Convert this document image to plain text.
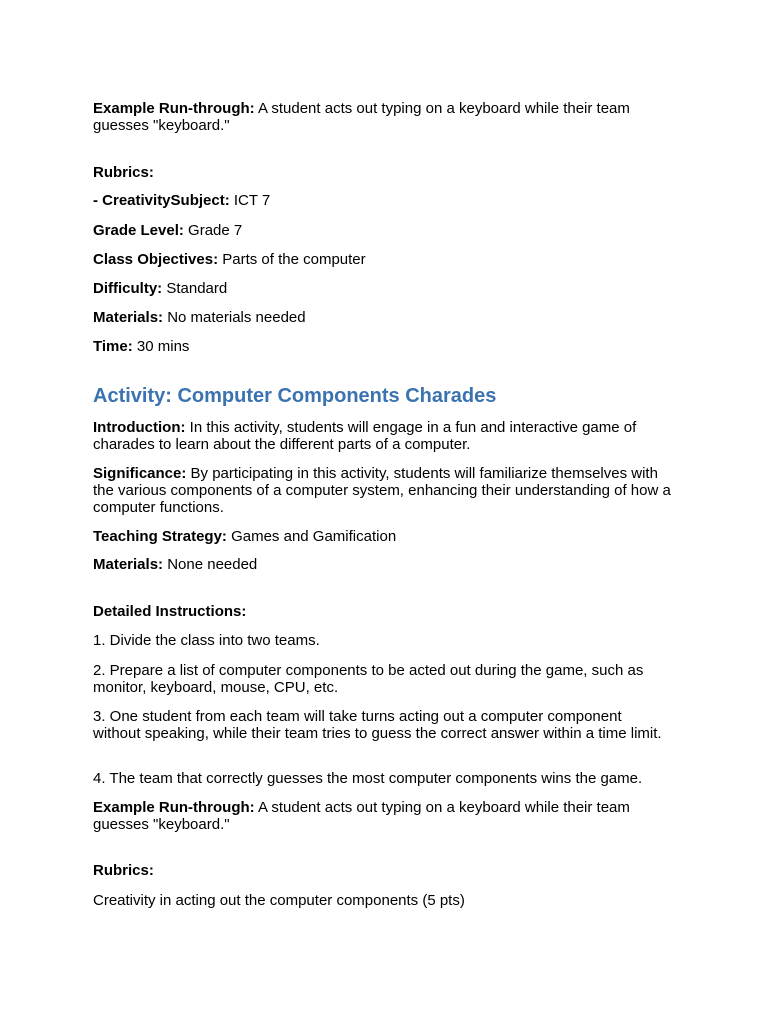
Example Run-through: A student acts out typing on a keyboard while their team guesses "keyboard."

Rubrics:

- CreativitySubject: ICT 7

Grade Level: Grade 7

Class Objectives: Parts of the computer

Difficulty: Standard

Materials: No materials needed

Time: 30 mins

Activity: Computer Components Charades

Introduction: In this activity, students will engage in a fun and interactive game of charades to learn about the different parts of a computer.

Significance: By participating in this activity, students will familiarize themselves with the various components of a computer system, enhancing their understanding of how a computer functions.

Teaching Strategy: Games and Gamification

Materials: None needed

Detailed Instructions:

1. Divide the class into two teams.

2. Prepare a list of computer components to be acted out during the game, such as monitor, keyboard, mouse, CPU, etc.

3. One student from each team will take turns acting out a computer component without speaking, while their team tries to guess the correct answer within a time limit.

4. The team that correctly guesses the most computer components wins the game.

Example Run-through: A student acts out typing on a keyboard while their team guesses "keyboard."

Rubrics:

Creativity in acting out the computer components (5 pts)
